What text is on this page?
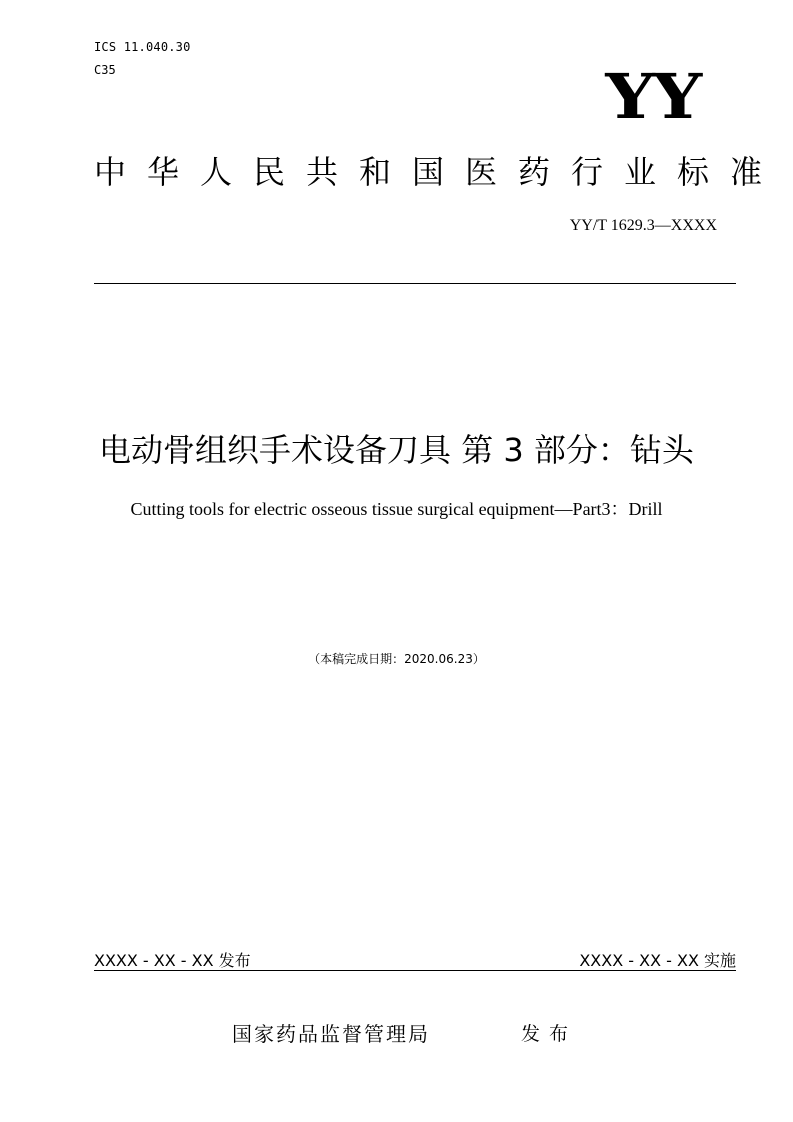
ICS 11.040.30
C35	YY
中华人民共和国医药行业标准
YY/T 1629.3—XXXX
电动骨组织手术设备刀具 第 3 部分：钻头
Cutting tools for electric osseous tissue surgical equipment—Part3：Drill
（本稿完成日期：2020.06.23）
XXXX - XX - XX 发布	XXXX - XX - XX 实施
国家药品监督管理局	发布
